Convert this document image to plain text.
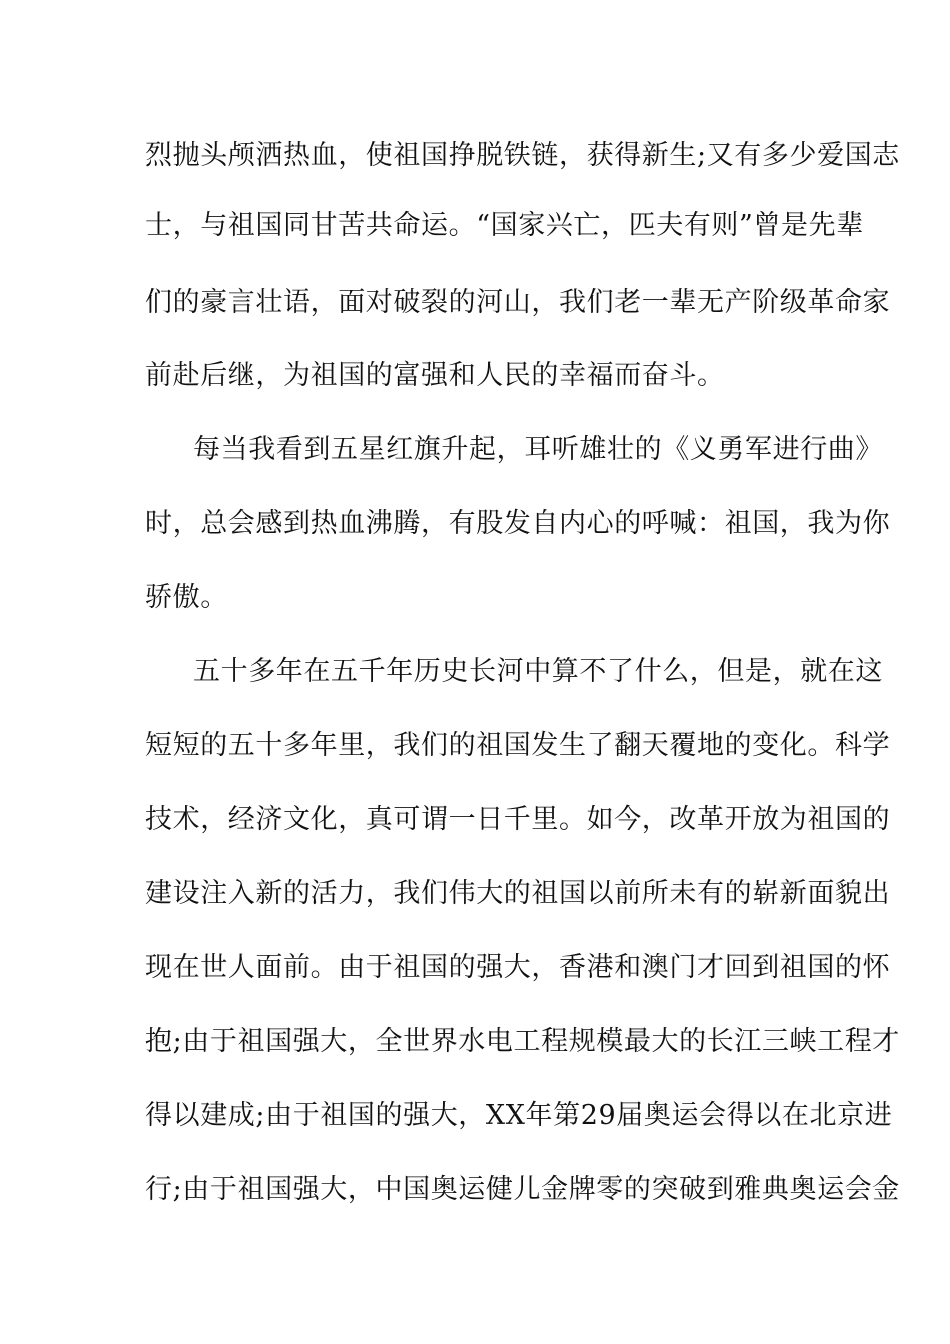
烈抛头颅洒热血，使祖国挣脱铁链，获得新生;又有多少爱国志
士，与祖国同甘苦共命运。“国家兴亡，匹夫有则”曾是先辈
们的豪言壮语，面对破裂的河山，我们老一辈无产阶级革命家
前赴后继，为祖国的富强和人民的幸福而奋斗。
每当我看到五星红旗升起，耳听雄壮的《义勇军进行曲》
时，总会感到热血沸腾，有股发自内心的呼喊：祖国，我为你
骄傲。
五十多年在五千年历史长河中算不了什么，但是，就在这
短短的五十多年里，我们的祖国发生了翻天覆地的变化。科学
技术，经济文化，真可谓一日千里。如今，改革开放为祖国的
建设注入新的活力，我们伟大的祖国以前所未有的崭新面貌出
现在世人面前。由于祖国的强大，香港和澳门才回到祖国的怀
抱;由于祖国强大，全世界水电工程规模最大的长江三峡工程才
得以建成;由于祖国的强大，XX年第29届奥运会得以在北京进
行;由于祖国强大，中国奥运健儿金牌零的突破到雅典奥运会金
